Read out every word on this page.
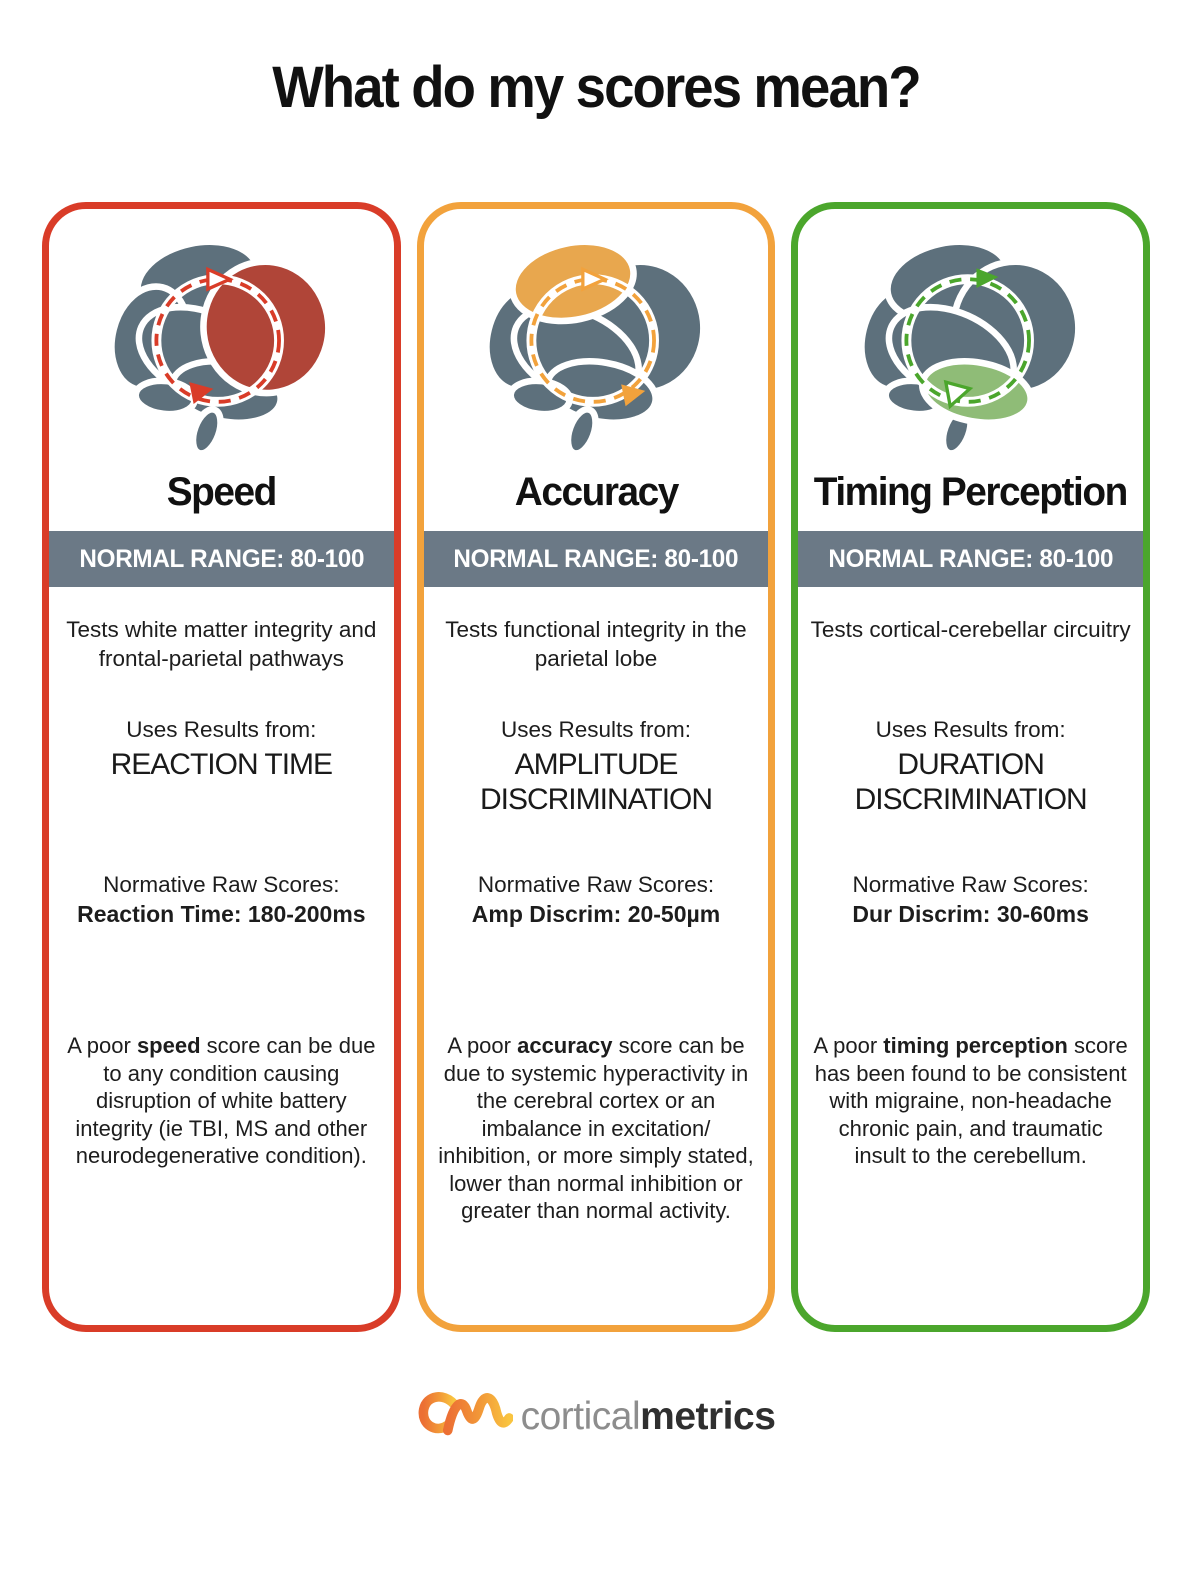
What do my scores mean?
Speed
NORMAL RANGE: 80-100

Tests white matter integrity and frontal-parietal pathways

Uses Results from:
REACTION TIME
Normative Raw Scores:
Reaction Time: 180-200ms

A poor speed score can be due to any condition causing disruption of white battery integrity (ie TBI, MS and other neurodegenerative condition).

Accuracy
NORMAL RANGE: 80-100

Tests functional integrity in the parietal lobe

Uses Results from:
AMPLITUDE DISCRIMINATION
Normative Raw Scores:
Amp Discrim: 20-50µm

A poor accuracy score can be due to systemic hyperactivity in the cerebral cortex or an imbalance in excitation/​inhibition, or more simply stated, lower than normal inhibition or greater than normal activity.

Timing Perception
NORMAL RANGE: 80-100

Tests cortical-cerebellar circuitry

Uses Results from:
DURATION DISCRIMINATION
Normative Raw Scores:
Dur Discrim: 30-60ms

A poor timing perception score has been found to be consistent with migraine, non-headache chronic pain, and traumatic insult to the cerebellum.

corticalmetrics
